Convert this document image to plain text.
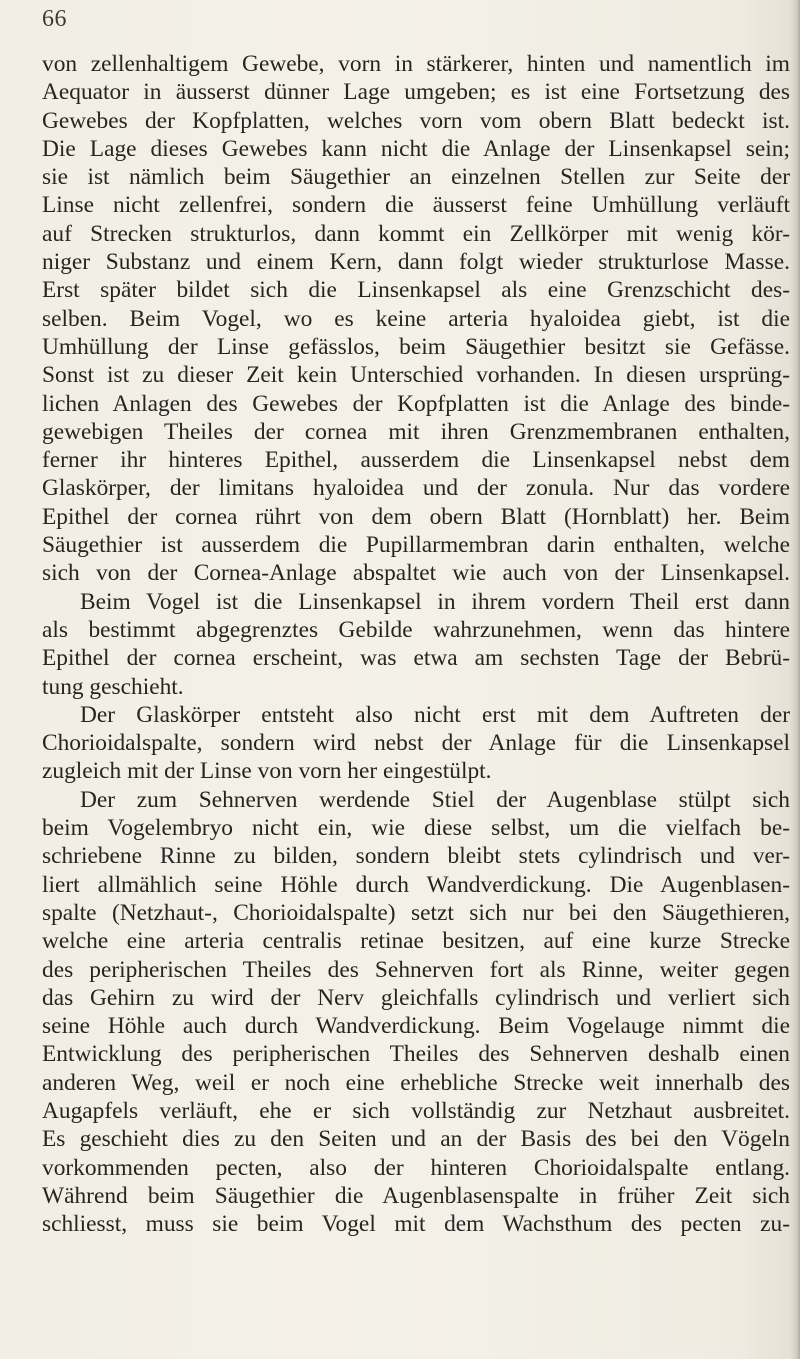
66
von zellenhaltigem Gewebe, vorn in stärkerer, hinten und namentlich im
Aequator in äusserst dünner Lage umgeben; es ist eine Fortsetzung des
Gewebes der Kopfplatten, welches vorn vom obern Blatt bedeckt ist.
Die Lage dieses Gewebes kann nicht die Anlage der Linsenkapsel sein;
sie ist nämlich beim Säugethier an einzelnen Stellen zur Seite der
Linse nicht zellenfrei, sondern die äusserst feine Umhüllung verläuft
auf Strecken strukturlos, dann kommt ein Zellkörper mit wenig kör-
niger Substanz und einem Kern, dann folgt wieder strukturlose Masse.
Erst später bildet sich die Linsenkapsel als eine Grenzschicht des-
selben. Beim Vogel, wo es keine arteria hyaloidea giebt, ist die
Umhüllung der Linse gefässlos, beim Säugethier besitzt sie Gefässe.
Sonst ist zu dieser Zeit kein Unterschied vorhanden. In diesen ursprüng-
lichen Anlagen des Gewebes der Kopfplatten ist die Anlage des binde-
gewebigen Theiles der cornea mit ihren Grenzmembranen enthalten,
ferner ihr hinteres Epithel, ausserdem die Linsenkapsel nebst dem
Glaskörper, der limitans hyaloidea und der zonula. Nur das vordere
Epithel der cornea rührt von dem obern Blatt (Hornblatt) her. Beim
Säugethier ist ausserdem die Pupillarmembran darin enthalten, welche
sich von der Cornea-Anlage abspaltet wie auch von der Linsenkapsel.
Beim Vogel ist die Linsenkapsel in ihrem vordern Theil erst dann
als bestimmt abgegrenztes Gebilde wahrzunehmen, wenn das hintere
Epithel der cornea erscheint, was etwa am sechsten Tage der Bebrü-
tung geschieht.
Der Glaskörper entsteht also nicht erst mit dem Auftreten der
Chorioidalspalte, sondern wird nebst der Anlage für die Linsenkapsel
zugleich mit der Linse von vorn her eingestülpt.
Der zum Sehnerven werdende Stiel der Augenblase stülpt sich
beim Vogelembryo nicht ein, wie diese selbst, um die vielfach be-
schriebene Rinne zu bilden, sondern bleibt stets cylindrisch und ver-
liert allmählich seine Höhle durch Wandverdickung. Die Augenblasen-
spalte (Netzhaut-, Chorioidalspalte) setzt sich nur bei den Säugethieren,
welche eine arteria centralis retinae besitzen, auf eine kurze Strecke
des peripherischen Theiles des Sehnerven fort als Rinne, weiter gegen
das Gehirn zu wird der Nerv gleichfalls cylindrisch und verliert sich
seine Höhle auch durch Wandverdickung. Beim Vogelauge nimmt die
Entwicklung des peripherischen Theiles des Sehnerven deshalb einen
anderen Weg, weil er noch eine erhebliche Strecke weit innerhalb des
Augapfels verläuft, ehe er sich vollständig zur Netzhaut ausbreitet.
Es geschieht dies zu den Seiten und an der Basis des bei den Vögeln
vorkommenden pecten, also der hinteren Chorioidalspalte entlang.
Während beim Säugethier die Augenblasenspalte in früher Zeit sich
schliesst, muss sie beim Vogel mit dem Wachsthum des pecten zu-
